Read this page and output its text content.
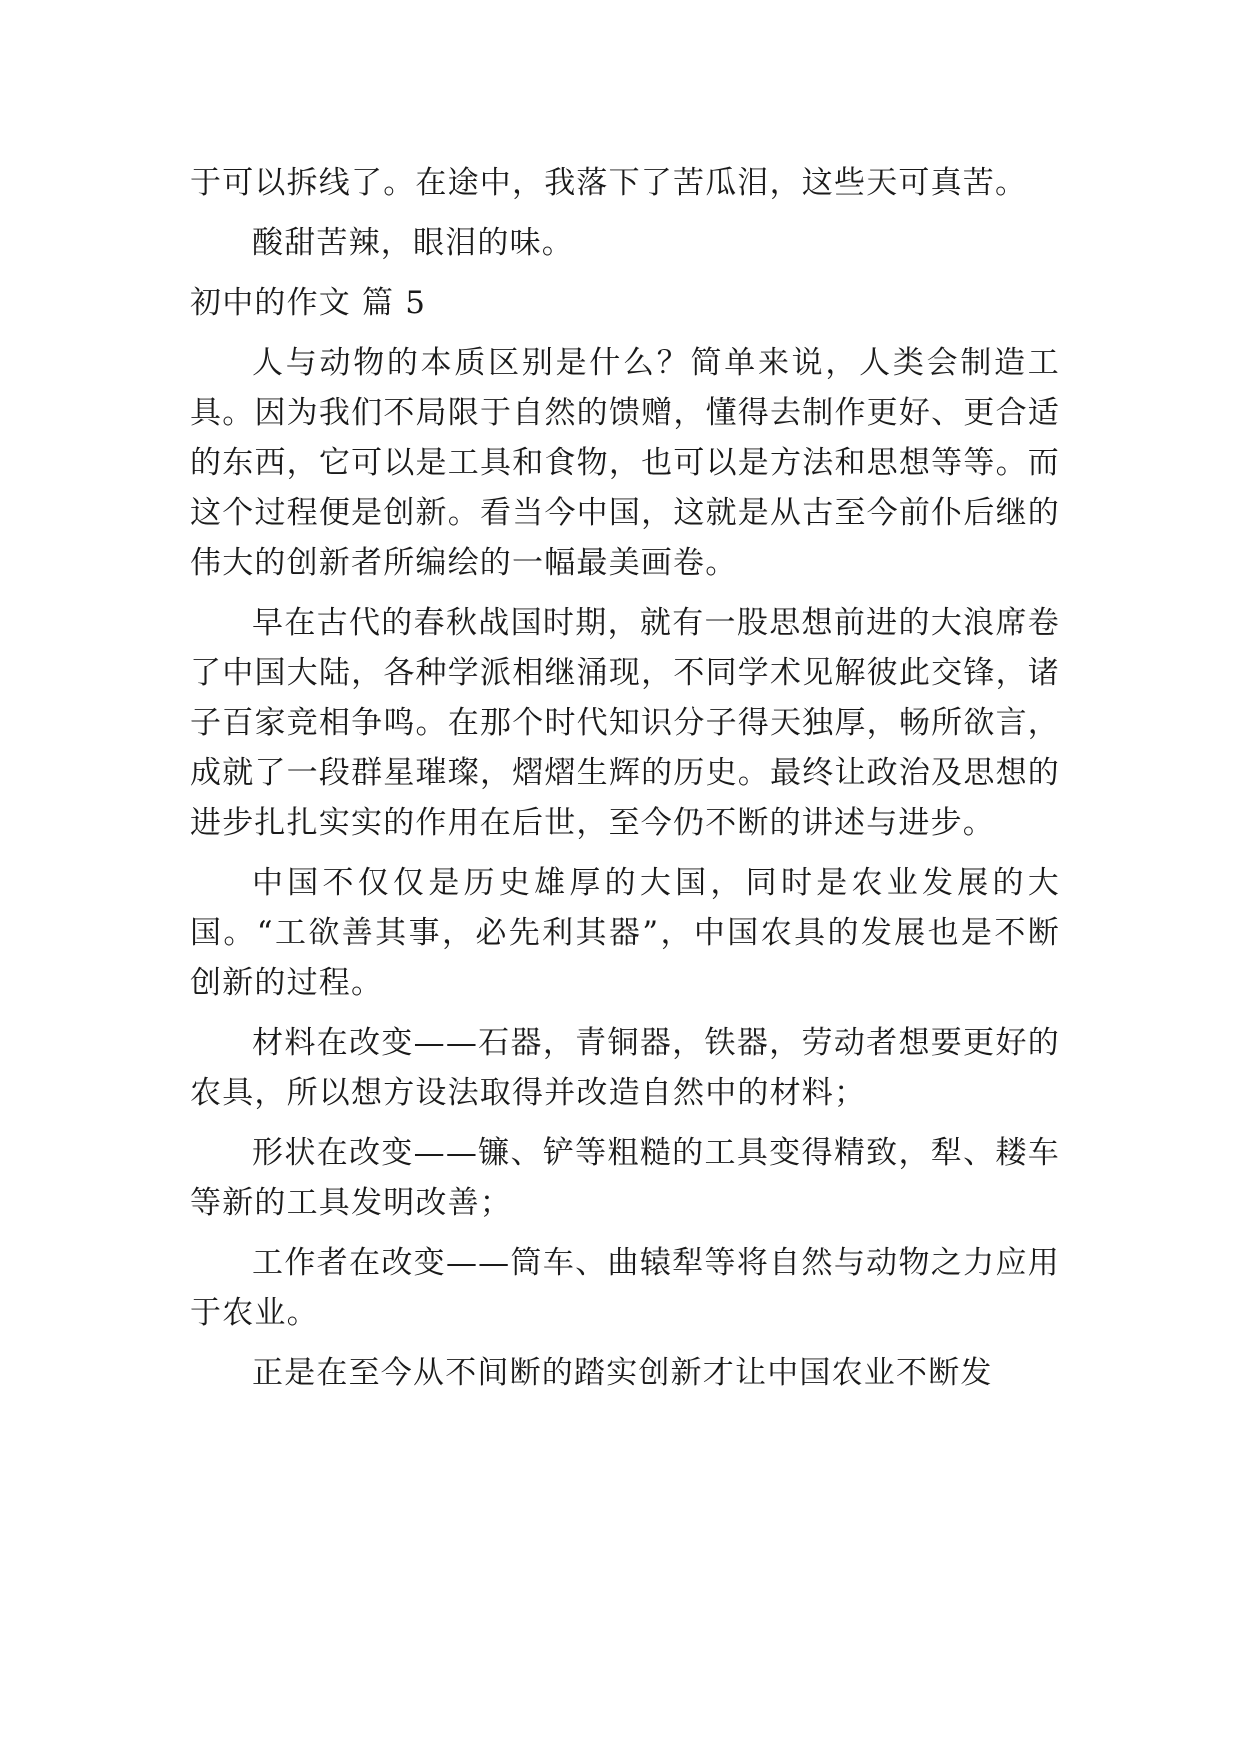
于可以拆线了。在途中，我落下了苦瓜泪，这些天可真苦。

酸甜苦辣，眼泪的味。

初中的作文 篇 5

人与动物的本质区别是什么？简单来说，人类会制造工具。因为我们不局限于自然的馈赠，懂得去制作更好、更合适的东西，它可以是工具和食物，也可以是方法和思想等等。而这个过程便是创新。看当今中国，这就是从古至今前仆后继的伟大的创新者所编绘的一幅最美画卷。

早在古代的春秋战国时期，就有一股思想前进的大浪席卷了中国大陆，各种学派相继涌现，不同学术见解彼此交锋，诸子百家竞相争鸣。在那个时代知识分子得天独厚，畅所欲言，成就了一段群星璀璨，熠熠生辉的历史。最终让政治及思想的进步扎扎实实的作用在后世，至今仍不断的讲述与进步。

中国不仅仅是历史雄厚的大国，同时是农业发展的大国。“工欲善其事，必先利其器”，中国农具的发展也是不断创新的过程。

材料在改变——石器，青铜器，铁器，劳动者想要更好的农具，所以想方设法取得并改造自然中的材料；

形状在改变——镰、铲等粗糙的工具变得精致，犁、耧车等新的工具发明改善；

工作者在改变——筒车、曲辕犁等将自然与动物之力应用于农业。

正是在至今从不间断的踏实创新才让中国农业不断发
